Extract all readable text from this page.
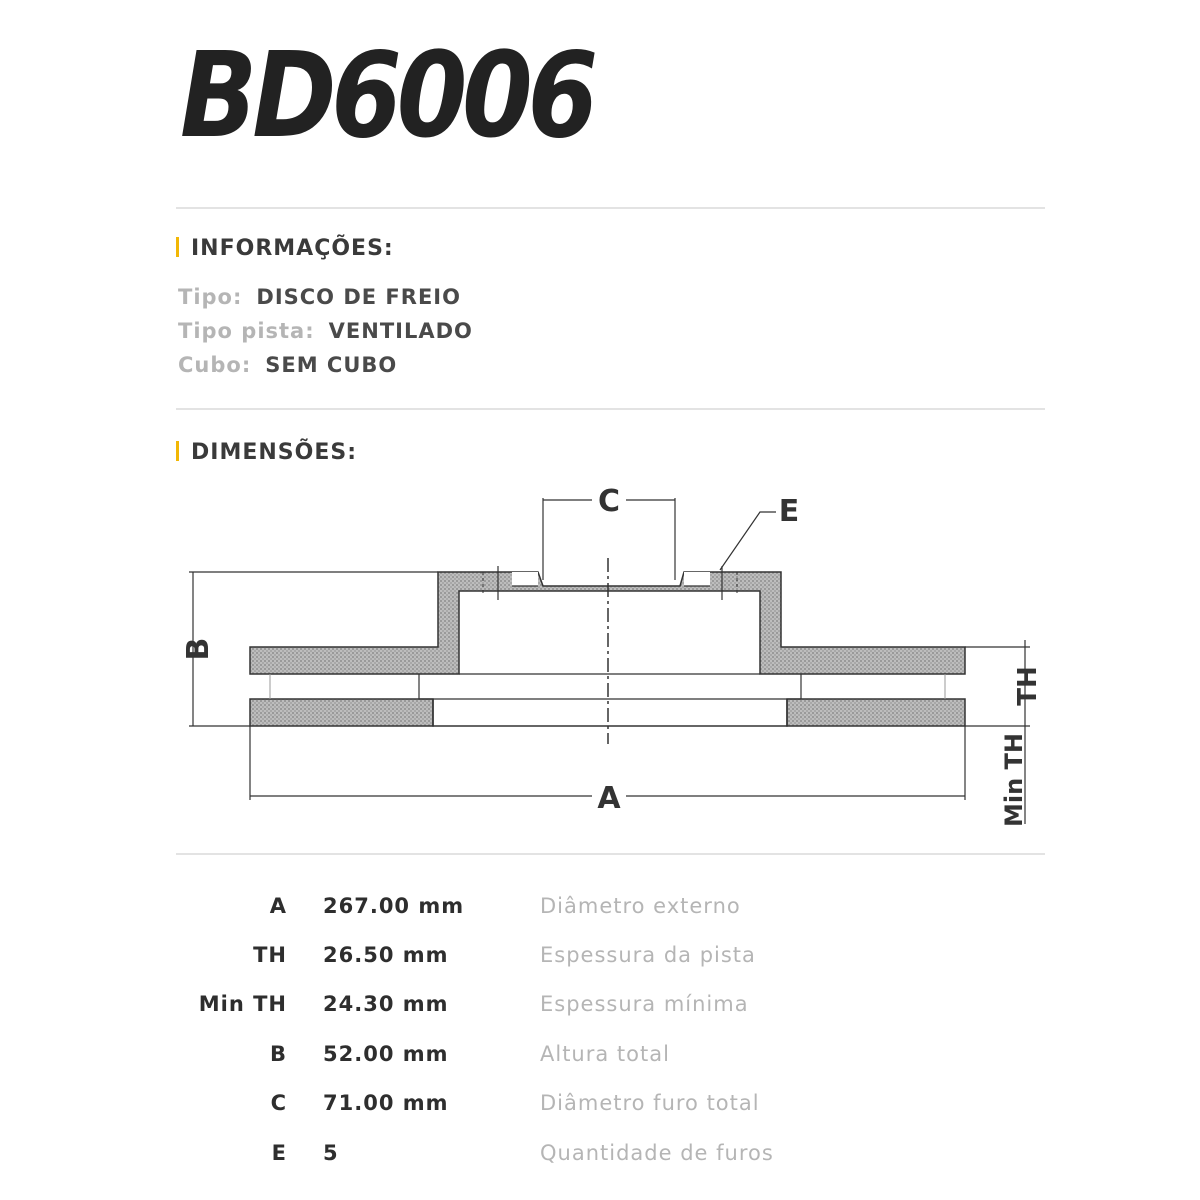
BD6006
INFORMAÇÕES:
Tipo: DISCO DE FREIO
Tipo pista: VENTILADO
Cubo: SEM CUBO
DIMENSÕES:
C	E
B
A
TH
Min TH
A 267.00 mm	Diâmetro externo
TH 26.50 mm	Espessura da pista
Min TH 24.30 mm	Espessura mínima
B 52.00 mm	Altura total
C 71.00 mm	Diâmetro furo total
E 5	Quantidade de furos
